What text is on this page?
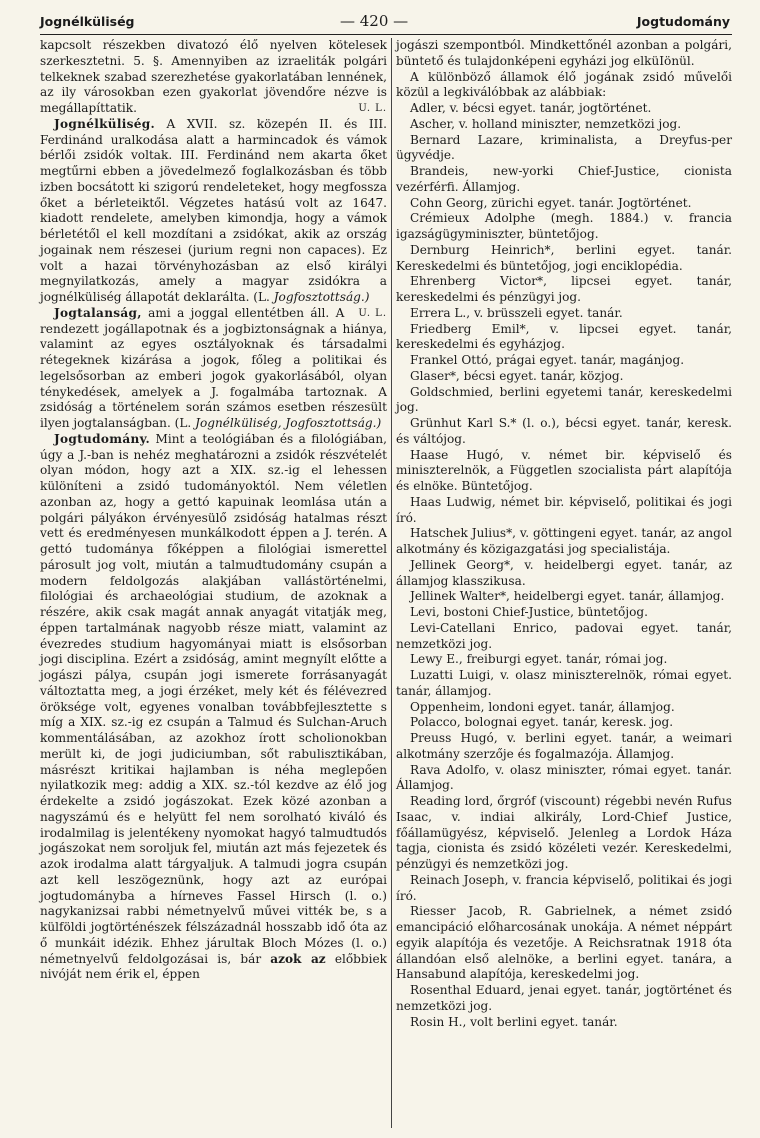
Jognélküliség	— 420 —	Jogtudomány

kapcsolt részekben divatozó élő nyelven kötelesek szerkesztetni. 5. §. Amennyiben az izraeliták polgári telkeknek szabad szerezhetése gyakorlatában lennének, az ily városokban ezen gyakorlat jövendőre nézve is megállapíttatik.	U. L.

Jognélküliség. A XVII. sz. közepén II. és III. Ferdinánd uralkodása alatt a harmincadok és vámok bérlői zsidók voltak. III. Ferdinánd nem akarta őket megtűrni ebben a jövedelmező foglalkozásban és több izben bocsátott ki szigorú rendeleteket, hogy megfossza őket a bérleteiktől. Végzetes hatású volt az 1647. kiadott rendelete, amelyben kimondja, hogy a vámok bérletétől el kell mozdítani a zsidókat, akik az ország jogainak nem részesei (jurium regni non capaces). Ez volt a hazai törvényhozásban az első királyi megnyilatkozás, amely a magyar zsidókra a jognélküliség állapotát deklarálta. (L. Jogfosztottság.)
U. L.

Jogtalanság, ami a joggal ellentétben áll. A rendezett jogállapotnak és a jogbiztonságnak a hiánya, valamint az egyes osztályoknak és társadalmi rétegeknek kizárása a jogok, főleg a politikai és legelsősorban az emberi jogok gyakorlásából, olyan ténykedések, amelyek a J. fogalmába tartoznak. A zsidóság a történelem során számos esetben részesült ilyen jogtalanságban. (L. Jognélküliség, Jogfosztottság.)

Jogtudomány. Mint a teológiában és a filológiában, úgy a J.-ban is nehéz meghatározni a zsidók részvételét olyan módon, hogy azt a XIX. sz.-ig el lehessen különíteni a zsidó tudományoktól. Nem véletlen azonban az, hogy a gettó kapuinak leomlása után a polgári pályákon érvényesülő zsidóság hatalmas részt vett és eredményesen munkálkodott éppen a J. terén. A gettó tudománya főképpen a filológiai ismerettel párosult jog volt, miután a talmudtudomány csupán a modern feldolgozás alakjában vallástörténelmi, filológiai és archaeológiai studium, de azoknak a részére, akik csak magát annak anyagát vitatják meg, éppen tartalmának nagyobb része miatt, valamint az évezredes studium hagyományai miatt is elsősorban jogi disciplina. Ezért a zsidóság, amint megnyílt előtte a jogászi pálya, csupán jogi ismerete forrásanyagát változtatta meg, a jogi érzéket, mely két és félévezred öröksége volt, egyenes vonalban továbbfejlesztette s míg a XIX. sz.-ig ez csupán a Talmud és Sulchan-Aruch kommentálásában, az azokhoz írott scholionokban merült ki, de jogi judiciumban, sőt rabulisztikában, másrészt kritikai hajlamban is néha meglepően nyilatkozik meg: addig a XIX. sz.-tól kezdve az élő jog érdekelte a zsidó jogászokat. Ezek közé azonban a nagyszámú és e helyütt fel nem sorolható kiváló és irodalmilag is jelentékeny nyomokat hagyó talmudtudós jogászokat nem soroljuk fel, miután azt más fejezetek és azok irodalma alatt tárgyaljuk. A talmudi jogra csupán azt kell leszögeznünk, hogy azt az európai jogtudományba a hírneves Fassel Hirsch (l. o.) nagykanizsai rabbi németnyelvű művei vitték be, s a külföldi jogtörténészek félszázadnál hosszabb idő óta az ő munkáit idézik. Ehhez járultak Bloch Mózes (l. o.) németnyelvű feldolgozásai is, bár azok az előbbiek nivóját nem érik el, éppen

jogászi szempontból. Mindkettőnél azonban a polgári, büntető és tulajdonképeni egyházi jog elküIönül.

A különböző államok élő jogának zsidó művelői közül a legkiválóbbak az alábbiak:

Adler, v. bécsi egyet. tanár, jogtörténet.

Ascher, v. holland miniszter, nemzetközi jog.

Bernard Lazare, kriminalista, a Dreyfus-per ügyvédje.

Brandeis, new-yorki Chief-Justice, cionista vezérférfi. Államjog.

Cohn Georg, zürichi egyet. tanár. Jogtörténet.

Crémieux Adolphe (megh. 1884.) v. francia igazságügyminiszter, büntetőjog.

Dernburg Heinrich*, berlini egyet. tanár. Kereskedelmi és büntetőjog, jogi enciklopédia.

Ehrenberg Victor*, lipcsei egyet. tanár, kereskedelmi és pénzügyi jog.

Errera L., v. brüsszeli egyet. tanár.

Friedberg Emil*, v. lipcsei egyet. tanár, kereskedelmi és egyházjog.

Frankel Ottó, prágai egyet. tanár, magánjog.

Glaser*, bécsi egyet. tanár, közjog.

Goldschmied, berlini egyetemi tanár, kereskedelmi jog.

Grünhut Karl S.* (l. o.), bécsi egyet. tanár, keresk. és váltójog.

Haase Hugó, v. német bir. képviselő és miniszterelnök, a Független szocialista párt alapítója és elnöke. Büntetőjog.

Haas Ludwig, német bir. képviselő, politikai és jogi író.

Hatschek Julius*, v. göttingeni egyet. tanár, az angol alkotmány és közigazgatási jog specialistája.

Jellinek Georg*, v. heidelbergi egyet. tanár, az államjog klasszikusa.

Jellinek Walter*, heidelbergi egyet. tanár, államjog.

Levi, bostoni Chief-Justice, büntetőjog.

Levi-Catellani Enrico, padovai egyet. tanár, nemzetközi jog.

Lewy E., freiburgi egyet. tanár, római jog.

Luzatti Luigi, v. olasz miniszterelnök, római egyet. tanár, államjog.

Oppenheim, londoni egyet. tanár, államjog.

Polacco, bolognai egyet. tanár, keresk. jog.

Preuss Hugó, v. berlini egyet. tanár, a weimari alkotmány szerzője és fogalmazója. Államjog.

Rava Adolfo, v. olasz miniszter, római egyet. tanár. Államjog.

Reading lord, őrgróf (viscount) régebbi nevén Rufus Isaac, v. indiai alkirály, Lord-Chief Justice, főállamügyész, képviselő. Jelenleg a Lordok Háza tagja, cionista és zsidó közéleti vezér. Kereskedelmi, pénzügyi és nemzetközi jog.

Reinach Joseph, v. francia képviselő, politikai és jogi író.

Riesser Jacob, R. Gabrielnek, a német zsidó emancipáció előharcosának unokája. A német néppárt egyik alapítója és vezetője. A Reichsratnak 1918 óta állandóan első alelnöke, a berlini egyet. tanára, a Hansabund alapítója, kereskedelmi jog.

Rosenthal Eduard, jenai egyet. tanár, jogtörténet és nemzetközi jog.

Rosin H., volt berlini egyet. tanár.
